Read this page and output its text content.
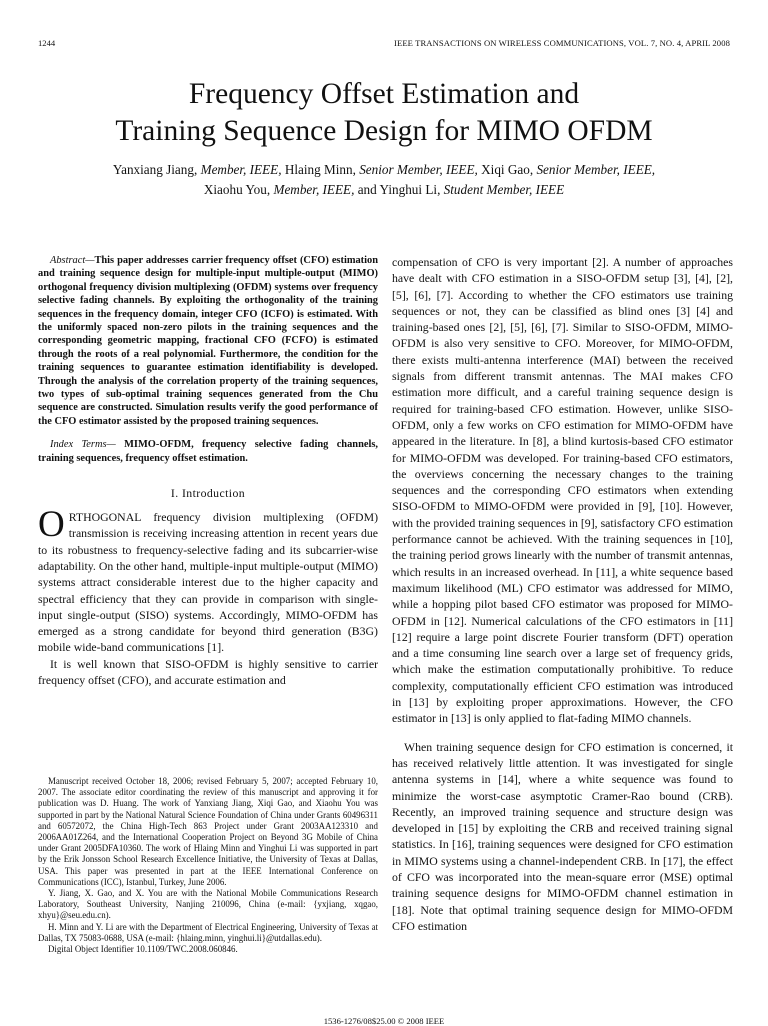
1244	IEEE TRANSACTIONS ON WIRELESS COMMUNICATIONS, VOL. 7, NO. 4, APRIL 2008
Frequency Offset Estimation and
Training Sequence Design for MIMO OFDM
Yanxiang Jiang, Member, IEEE, Hlaing Minn, Senior Member, IEEE, Xiqi Gao, Senior Member, IEEE,
Xiaohu You, Member, IEEE, and Yinghui Li, Student Member, IEEE

Abstract—This paper addresses carrier frequency offset (CFO) estimation and training sequence design for multiple-input multiple-output (MIMO) orthogonal frequency division multiplexing (OFDM) systems over frequency selective fading channels. By exploiting the orthogonality of the training sequences in the frequency domain, integer CFO (ICFO) is estimated. With the uniformly spaced non-zero pilots in the training sequences and the corresponding geometric mapping, fractional CFO (FCFO) is estimated through the roots of a real polynomial. Furthermore, the condition for the training sequences to guarantee estimation identifiability is developed. Through the analysis of the correlation property of the training sequences, two types of sub-optimal training sequences generated from the Chu sequence are constructed. Simulation results verify the good performance of the CFO estimator assisted by the proposed training sequences.

Index Terms— MIMO-OFDM, frequency selective fading channels, training sequences, frequency offset estimation.

I. Introduction

ORTHOGONAL frequency division multiplexing (OFDM) transmission is receiving increasing attention in recent years due to its robustness to frequency-selective fading and its subcarrier-wise adaptability. On the other hand, multiple-input multiple-output (MIMO) systems attract considerable interest due to the higher capacity and spectral efficiency that they can provide in comparison with single-input single-output (SISO) systems. Accordingly, MIMO-OFDM has emerged as a strong candidate for beyond third generation (B3G) mobile wide-band communications [1].

It is well known that SISO-OFDM is highly sensitive to carrier frequency offset (CFO), and accurate estimation and

Manuscript received October 18, 2006; revised February 5, 2007; accepted February 10, 2007. The associate editor coordinating the review of this manuscript and approving it for publication was D. Huang. The work of Yanxiang Jiang, Xiqi Gao, and Xiaohu You was supported in part by the National Natural Science Foundation of China under Grants 60496311 and 60572072, the China High-Tech 863 Project under Grant 2003AA123310 and 2006AA01Z264, and the International Cooperation Project on Beyond 3G Mobile of China under Grant 2005DFA10360. The work of Hlaing Minn and Yinghui Li was supported in part by the Erik Jonsson School Research Excellence Initiative, the University of Texas at Dallas, USA. This paper was presented in part at the IEEE International Conference on Communications (ICC), Istanbul, Turkey, June 2006.

Y. Jiang, X. Gao, and X. You are with the National Mobile Communications Research Laboratory, Southeast University, Nanjing 210096, China (e-mail: {yxjiang, xqgao, xhyu}@seu.edu.cn).

H. Minn and Y. Li are with the Department of Electrical Engineering, University of Texas at Dallas, TX 75083-0688, USA (e-mail: {hlaing.minn, yinghui.li}@utdallas.edu).

Digital Object Identifier 10.1109/TWC.2008.060846.

compensation of CFO is very important [2]. A number of approaches have dealt with CFO estimation in a SISO-OFDM setup [3], [4], [2], [5], [6], [7]. According to whether the CFO estimators use training sequences or not, they can be classified as blind ones [3] [4] and training-based ones [2], [5], [6], [7]. Similar to SISO-OFDM, MIMO-OFDM is also very sensitive to CFO. Moreover, for MIMO-OFDM, there exists multi-antenna interference (MAI) between the received signals from different transmit antennas. The MAI makes CFO estimation more difficult, and a careful training sequence design is required for training-based CFO estimation. However, unlike SISO-OFDM, only a few works on CFO estimation for MIMO-OFDM have appeared in the literature. In [8], a blind kurtosis-based CFO estimator for MIMO-OFDM was developed. For training-based CFO estimators, the overviews concerning the necessary changes to the training sequences and the corresponding CFO estimators when extending SISO-OFDM to MIMO-OFDM were provided in [9], [10]. However, with the provided training sequences in [9], satisfactory CFO estimation performance cannot be achieved. With the training sequences in [10], the training period grows linearly with the number of transmit antennas, which results in an increased overhead. In [11], a white sequence based maximum likelihood (ML) CFO estimator was addressed for MIMO, while a hopping pilot based CFO estimator was proposed for MIMO-OFDM in [12]. Numerical calculations of the CFO estimators in [11] [12] require a large point discrete Fourier transform (DFT) operation and a time consuming line search over a large set of frequency grids, which make the estimation computationally prohibitive. To reduce complexity, computationally efficient CFO estimation was introduced in [13] by exploiting proper approximations. However, the CFO estimator in [13] is only applied to flat-fading MIMO channels.

When training sequence design for CFO estimation is concerned, it has received relatively little attention. It was investigated for single antenna systems in [14], where a white sequence was found to minimize the worst-case asymptotic Cramer-Rao bound (CRB). Recently, an improved training sequence and structure design was developed in [15] by exploiting the CRB and received training signal statistics. In [16], training sequences were designed for CFO estimation in MIMO systems using a channel-independent CRB. In [17], the effect of CFO was incorporated into the mean-square error (MSE) optimal training sequence designs for MIMO-OFDM channel estimation in [18]. Note that optimal training sequence design for MIMO-OFDM CFO estimation

1536-1276/08$25.00 © 2008 IEEE
